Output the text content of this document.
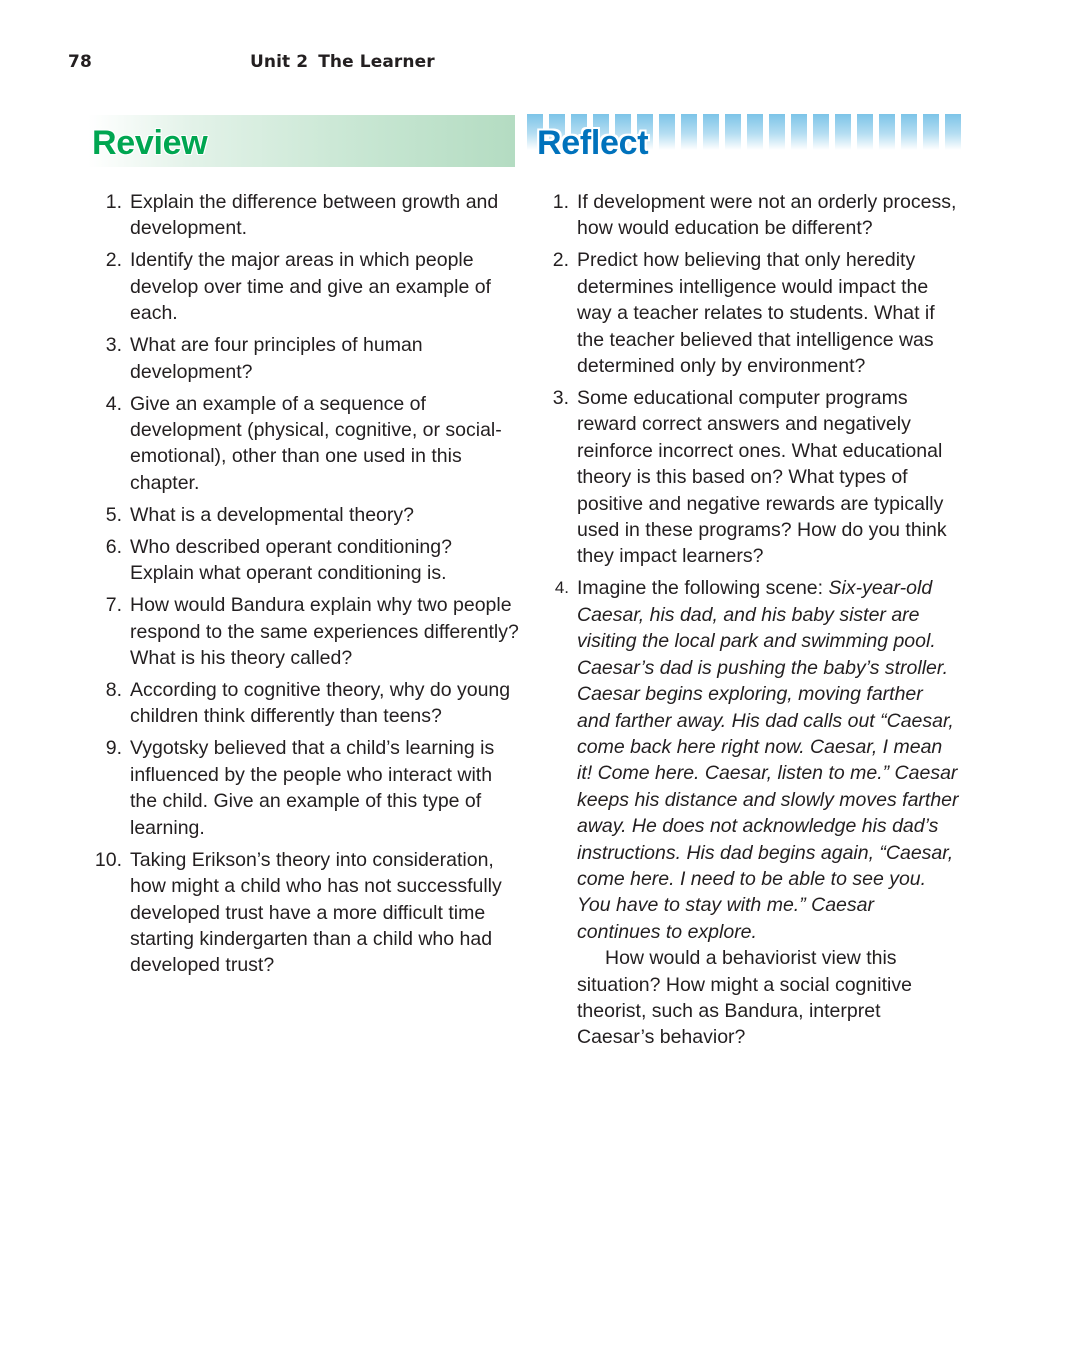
78	Unit 2 The Learner
Review	Reflect
1. Explain the difference between growth and development.
2. Identify the major areas in which people develop over time and give an example of each.
3. What are four principles of human development?
4. Give an example of a sequence of development (physical, cognitive, or social-emotional), other than one used in this chapter.
5. What is a developmental theory?
6. Who described operant conditioning? Explain what operant conditioning is.
7. How would Bandura explain why two people respond to the same experiences differently? What is his theory called?
8. According to cognitive theory, why do young children think differently than teens?
9. Vygotsky believed that a child’s learning is influenced by the people who interact with the child. Give an example of this type of learning.
10. Taking Erikson’s theory into consideration, how might a child who has not successfully developed trust have a more difficult time starting kindergarten than a child who had developed trust?
1. If development were not an orderly process, how would education be different?
2. Predict how believing that only heredity determines intelligence would impact the way a teacher relates to students. What if the teacher believed that intelligence was determined only by environment?
3. Some educational computer programs reward correct answers and negatively reinforce incorrect ones. What educational theory is this based on? What types of positive and negative rewards are typically used in these programs? How do you think they impact learners?
4. Imagine the following scene: Six-year-old Caesar, his dad, and his baby sister are visiting the local park and swimming pool. Caesar’s dad is pushing the baby’s stroller. Caesar begins exploring, moving farther and farther away. His dad calls out “Caesar, come back here right now. Caesar, I mean it! Come here. Caesar, listen to me.” Caesar keeps his distance and slowly moves farther away. He does not acknowledge his dad’s instructions. His dad begins again, “Caesar, come here. I need to be able to see you. You have to stay with me.” Caesar continues to explore.
How would a behaviorist view this situation? How might a social cognitive theorist, such as Bandura, interpret Caesar’s behavior?
